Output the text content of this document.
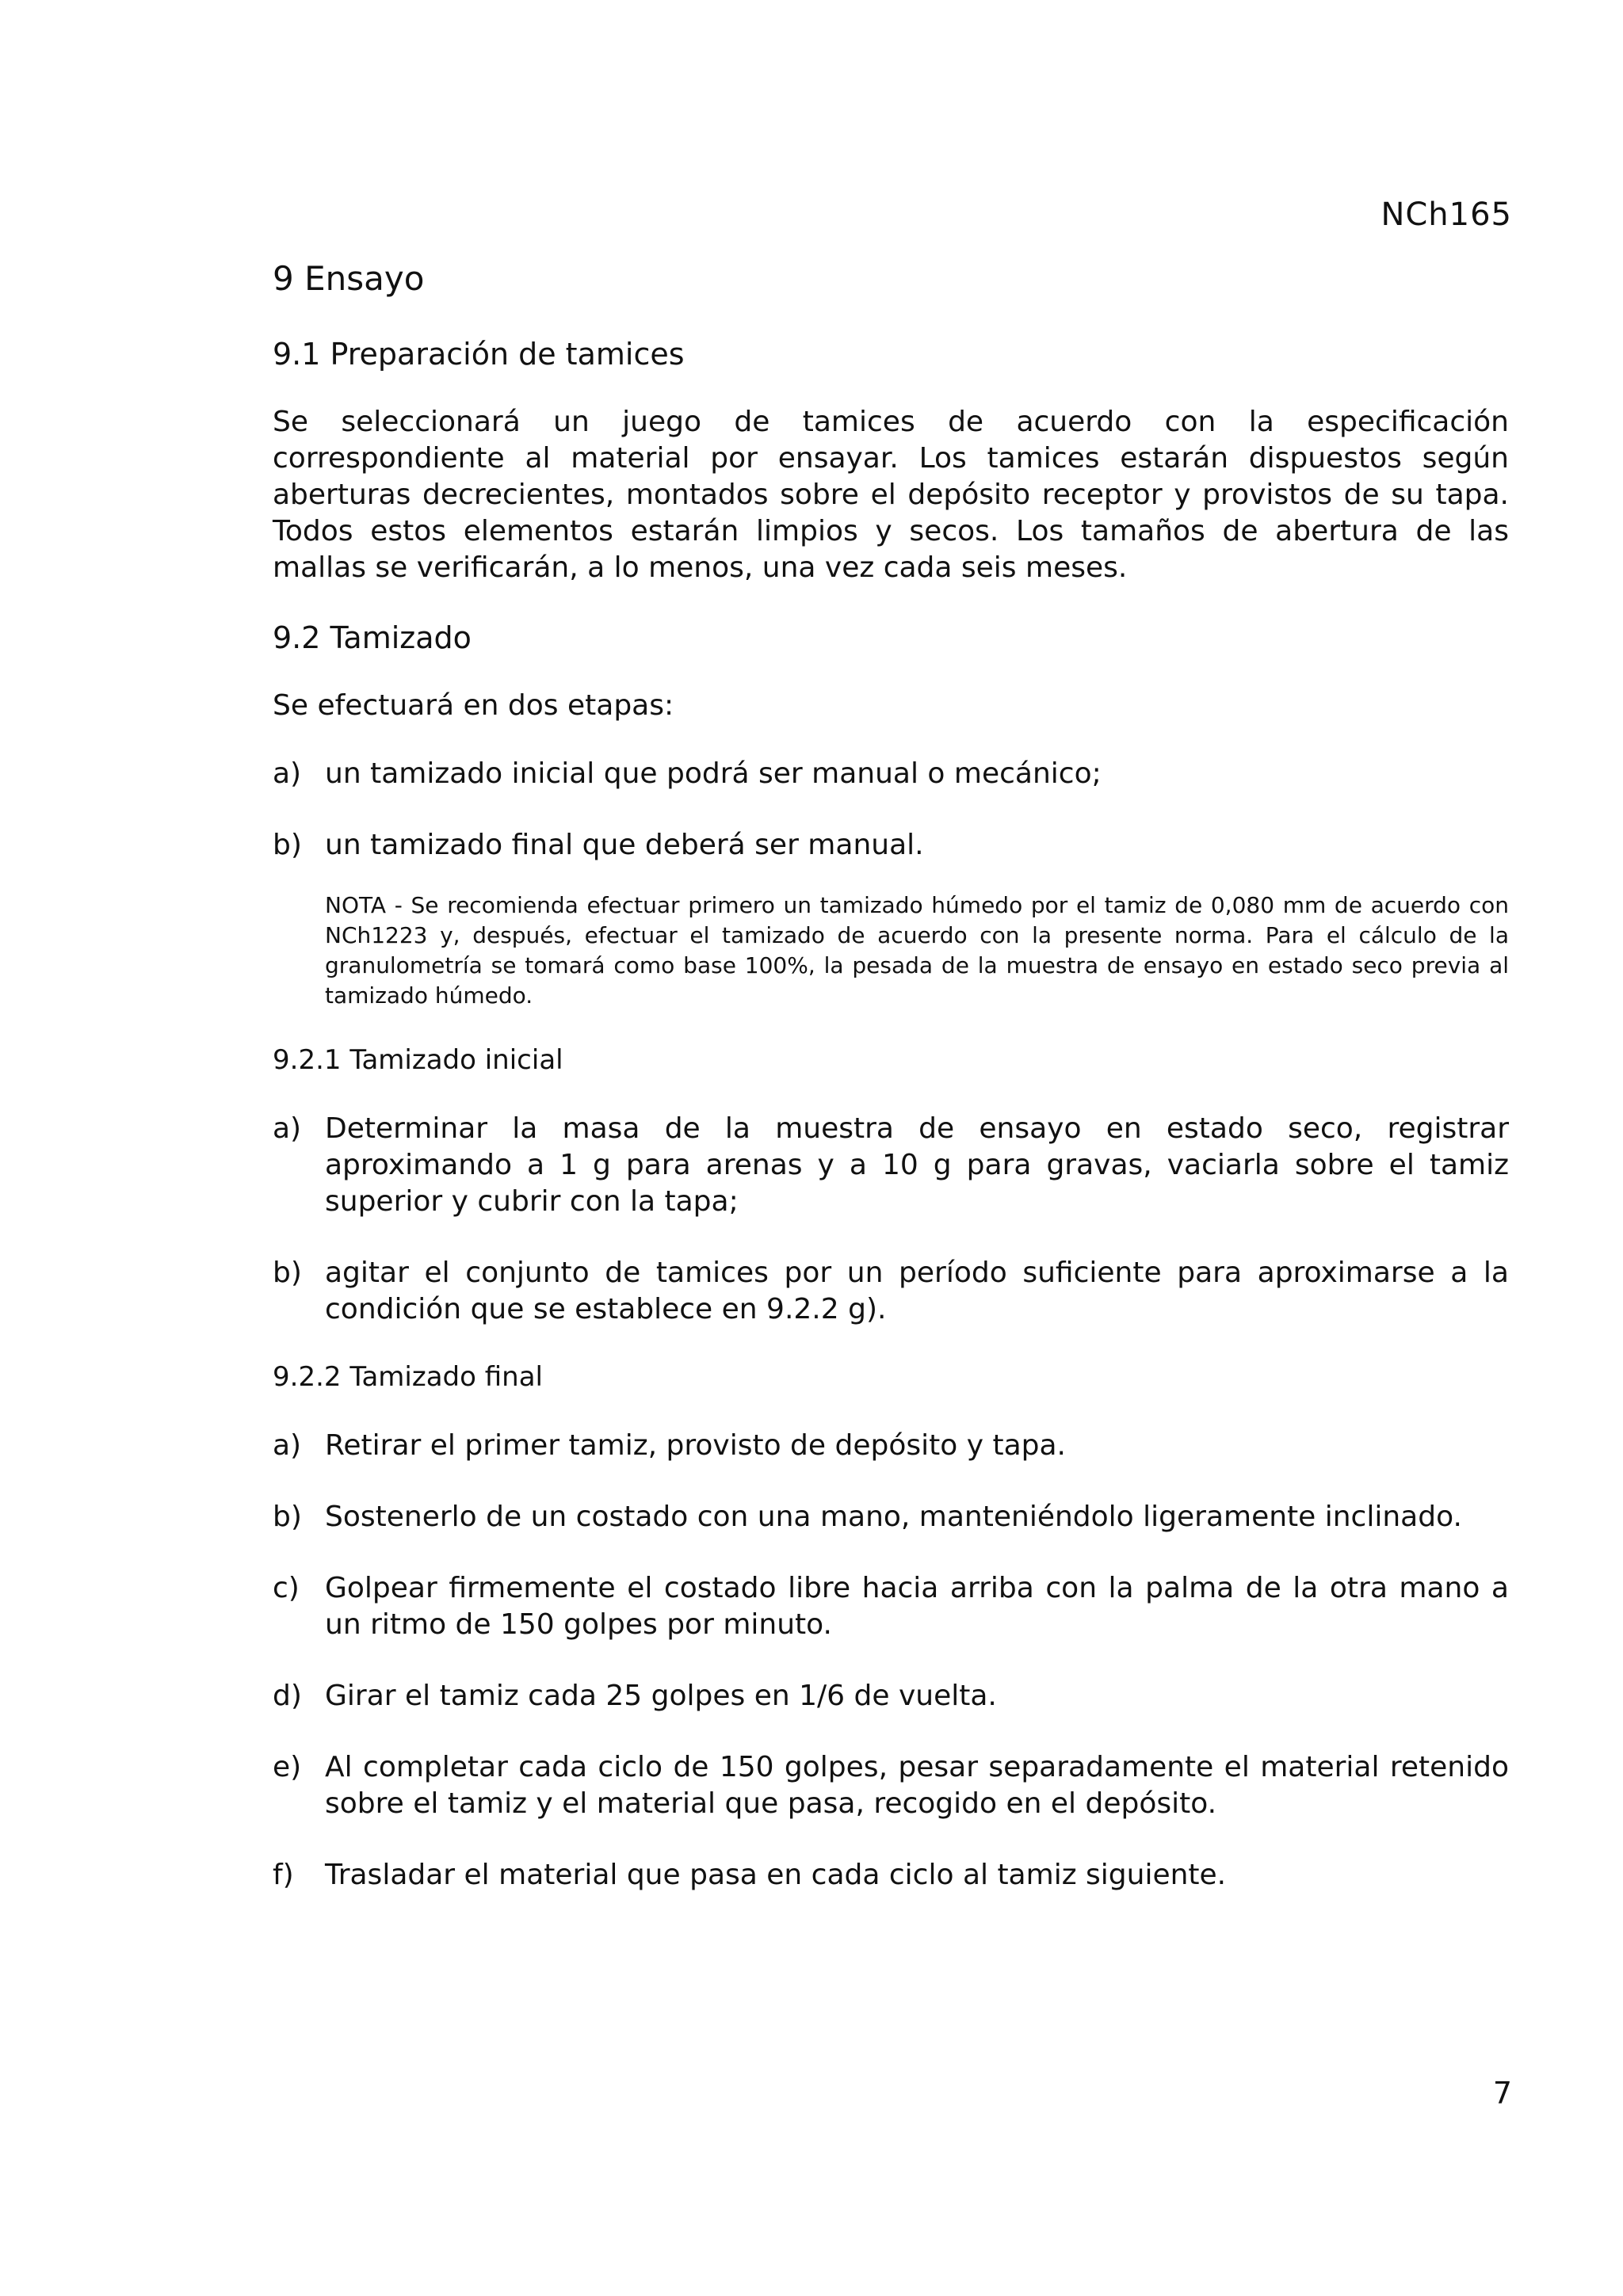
NCh165
9 Ensayo
9.1 Preparación de tamices

Se seleccionará un juego de tamices de acuerdo con la especificación correspondiente al material por ensayar. Los tamices estarán dispuestos según aberturas decrecientes, montados sobre el depósito receptor y provistos de su tapa. Todos estos elementos estarán limpios y secos. Los tamaños de abertura de las mallas se verificarán, a lo menos, una vez cada seis meses.

9.2 Tamizado

Se efectuará en dos etapas:

a) un tamizado inicial que podrá ser manual o mecánico;
b) un tamizado final que deberá ser manual.

NOTA - Se recomienda efectuar primero un tamizado húmedo por el tamiz de 0,080 mm de acuerdo con NCh1223 y, después, efectuar el tamizado de acuerdo con la presente norma. Para el cálculo de la granulometría se tomará como base 100%, la pesada de la muestra de ensayo en estado seco previa al tamizado húmedo.

9.2.1 Tamizado inicial
a) Determinar la masa de la muestra de ensayo en estado seco, registrar aproximando a 1 g para arenas y a 10 g para gravas, vaciarla sobre el tamiz superior y cubrir con la tapa;
b) agitar el conjunto de tamices por un período suficiente para aproximarse a la condición que se establece en 9.2.2 g).
9.2.2 Tamizado final
a) Retirar el primer tamiz, provisto de depósito y tapa.
b) Sostenerlo de un costado con una mano, manteniéndolo ligeramente inclinado.
c) Golpear firmemente el costado libre hacia arriba con la palma de la otra mano a un ritmo de 150 golpes por minuto.
d) Girar el tamiz cada 25 golpes en 1/6 de vuelta.
e) Al completar cada ciclo de 150 golpes, pesar separadamente el material retenido sobre el tamiz y el material que pasa, recogido en el depósito.
f)	Trasladar el material que pasa en cada ciclo al tamiz siguiente.
7
